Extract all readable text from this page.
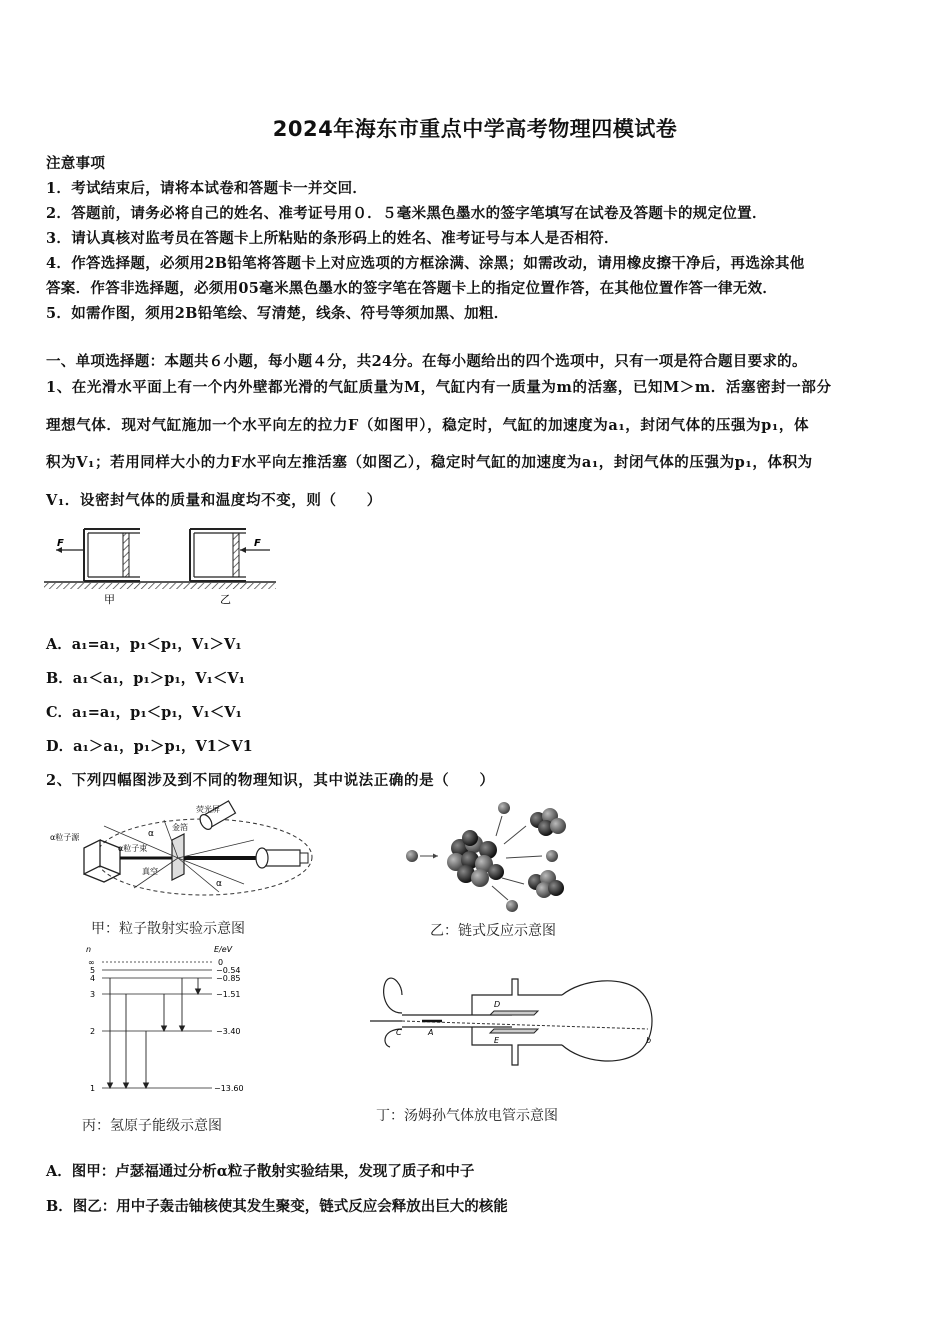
2024年海东市重点中学高考物理四模试卷
注意事项
1．考试结束后，请将本试卷和答题卡一并交回．
2．答题前，请务必将自己的姓名、准考证号用０．５毫米黑色墨水的签字笔填写在试卷及答题卡的规定位置．
3．请认真核对监考员在答题卡上所粘贴的条形码上的姓名、准考证号与本人是否相符．
4．作答选择题，必须用2B铅笔将答题卡上对应选项的方框涂满、涂黑；如需改动，请用橡皮擦干净后，再选涂其他
答案．作答非选择题，必须用05毫米黑色墨水的签字笔在答题卡上的指定位置作答，在其他位置作答一律无效．
5．如需作图，须用2B铅笔绘、写清楚，线条、符号等须加黑、加粗．
一、单项选择题：本题共６小题，每小题４分，共24分。在每小题给出的四个选项中，只有一项是符合题目要求的。
1、在光滑水平面上有一个内外壁都光滑的气缸质量为M，气缸内有一质量为m的活塞，已知M＞m．活塞密封一部分
理想气体．现对气缸施加一个水平向左的拉力F（如图甲），稳定时，气缸的加速度为a₁，封闭气体的压强为p₁，体
积为V₁；若用同样大小的力F水平向左推活塞（如图乙），稳定时气缸的加速度为a₁，封闭气体的压强为p₁，体积为
V₁．设密封气体的质量和温度均不变，则（　　）
F	F
甲	乙
A．a₁=a₁，p₁＜p₁，V₁＞V₁
B．a₁＜a₁，p₁＞p₁，V₁＜V₁
C．a₁=a₁，p₁＜p₁，V₁＜V₁
D．a₁＞a₁，p₁＞p₁，V1＞V1
2、下列四幅图涉及到不同的物理知识，其中说法正确的是（　　）
α粒子源
α粒子束
金箔
真空
荧光屏
α
α
甲：粒子散射实验示意图	乙：链式反应示意图
n	E/eV
∞
5
4
3
2
1
0
−0.54
−0.85
−1.51
−3.40
−13.60
丙：氢原子能级示意图
C	A
D
E	b
丁：汤姆孙气体放电管示意图
A．图甲：卢瑟福通过分析α粒子散射实验结果，发现了质子和中子
B．图乙：用中子轰击铀核使其发生聚变，链式反应会释放出巨大的核能
